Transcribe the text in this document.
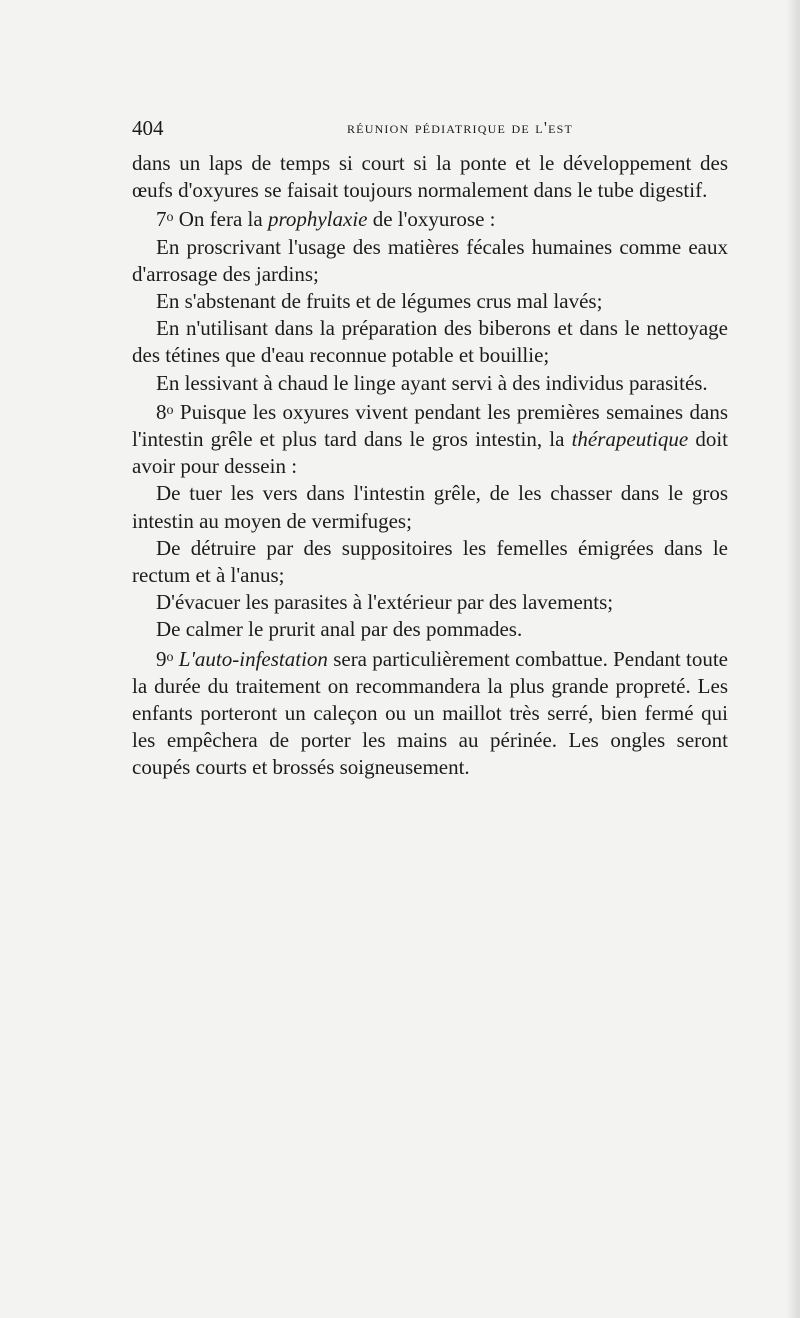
404	réunion pédiatrique de l'est

dans un laps de temps si court si la ponte et le développement des œufs d'oxyures se faisait toujours normalement dans le tube digestif.

7$^o$ On fera la prophylaxie de l'oxyurose :

En proscrivant l'usage des matières fécales humaines comme eaux d'arrosage des jardins;

En s'abstenant de fruits et de légumes crus mal lavés;

En n'utilisant dans la préparation des biberons et dans le nettoyage des tétines que d'eau reconnue potable et bouillie;

En lessivant à chaud le linge ayant servi à des individus parasités.

8$^o$ Puisque les oxyures vivent pendant les premières semaines dans l'intestin grêle et plus tard dans le gros intestin, la thérapeutique doit avoir pour dessein :

De tuer les vers dans l'intestin grêle, de les chasser dans le gros intestin au moyen de vermifuges;

De détruire par des suppositoires les femelles émigrées dans le rectum et à l'anus;

D'évacuer les parasites à l'extérieur par des lavements;

De calmer le prurit anal par des pommades.

9$^o$ L'auto-infestation sera particulièrement combattue. Pendant toute la durée du traitement on recommandera la plus grande propreté. Les enfants porteront un caleçon ou un maillot très serré, bien fermé qui les empêchera de porter les mains au périnée. Les ongles seront coupés courts et brossés soigneusement.
